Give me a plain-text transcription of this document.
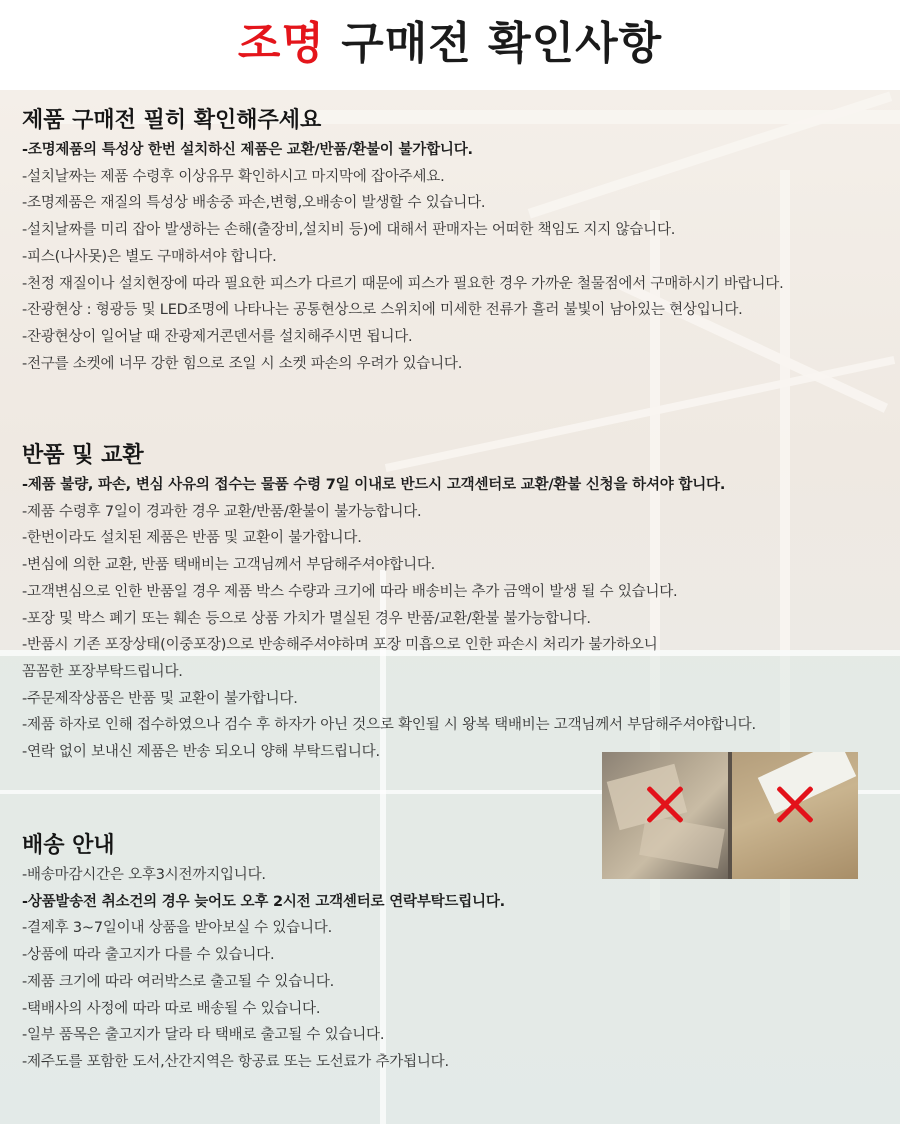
조명 구매전 확인사항
제품 구매전 필히 확인해주세요
-조명제품의 특성상 한번 설치하신 제품은 교환/반품/환불이 불가합니다.
-설치날짜는 제품 수령후 이상유무 확인하시고 마지막에 잡아주세요.
-조명제품은 재질의 특성상 배송중 파손,변형,오배송이 발생할 수 있습니다.
-설치날짜를 미리 잡아 발생하는 손해(출장비,설치비 등)에 대해서 판매자는 어떠한 책임도 지지 않습니다.
-피스(나사못)은 별도 구매하셔야 합니다.
-천정 재질이나 설치현장에 따라 필요한 피스가 다르기 때문에 피스가 필요한 경우 가까운 철물점에서 구매하시기 바랍니다.
-잔광현상 : 형광등 및 LED조명에 나타나는 공통현상으로 스위치에 미세한 전류가 흘러 불빛이 남아있는 현상입니다.
-잔광현상이 일어날 때 잔광제거콘덴서를 설치해주시면 됩니다.
-전구를 소켓에 너무 강한 힘으로 조일 시 소켓 파손의 우려가 있습니다.
반품 및 교환
-제품 불량, 파손, 변심 사유의 접수는 물품 수령 7일 이내로 반드시 고객센터로 교환/환불 신청을 하셔야 합니다.
-제품 수령후 7일이 경과한 경우 교환/반품/환불이 불가능합니다.
-한번이라도 설치된 제품은 반품 및 교환이 불가합니다.
-변심에 의한 교환, 반품 택배비는 고객님께서 부담해주셔야합니다.
-고객변심으로 인한 반품일 경우 제품 박스 수량과 크기에 따라 배송비는 추가 금액이 발생 될 수 있습니다.
-포장 및 박스 폐기 또는 훼손 등으로 상품 가치가 멸실된 경우 반품/교환/환불 불가능합니다.
-반품시 기존 포장상태(이중포장)으로 반송해주셔야하며 포장 미흡으로 인한 파손시 처리가 불가하오니
꼼꼼한 포장부탁드립니다.
-주문제작상품은 반품 및 교환이 불가합니다.
-제품 하자로 인해 접수하였으나 검수 후 하자가 아닌 것으로 확인될 시 왕복 택배비는 고객님께서 부담해주셔야합니다.
-연락 없이 보내신 제품은 반송 되오니 양해 부탁드립니다.
배송 안내
-배송마감시간은 오후3시전까지입니다.
-상품발송전 취소건의 경우 늦어도 오후 2시전 고객센터로 연락부탁드립니다.
-결제후 3~7일이내 상품을 받아보실 수 있습니다.
-상품에 따라 출고지가 다를 수 있습니다.
-제품 크기에 따라 여러박스로 출고될 수 있습니다.
-택배사의 사정에 따라 따로 배송될 수 있습니다.
-일부 품목은 출고지가 달라 타 택배로 출고될 수 있습니다.
-제주도를 포함한 도서,산간지역은 항공료 또는 도선료가 추가됩니다.
